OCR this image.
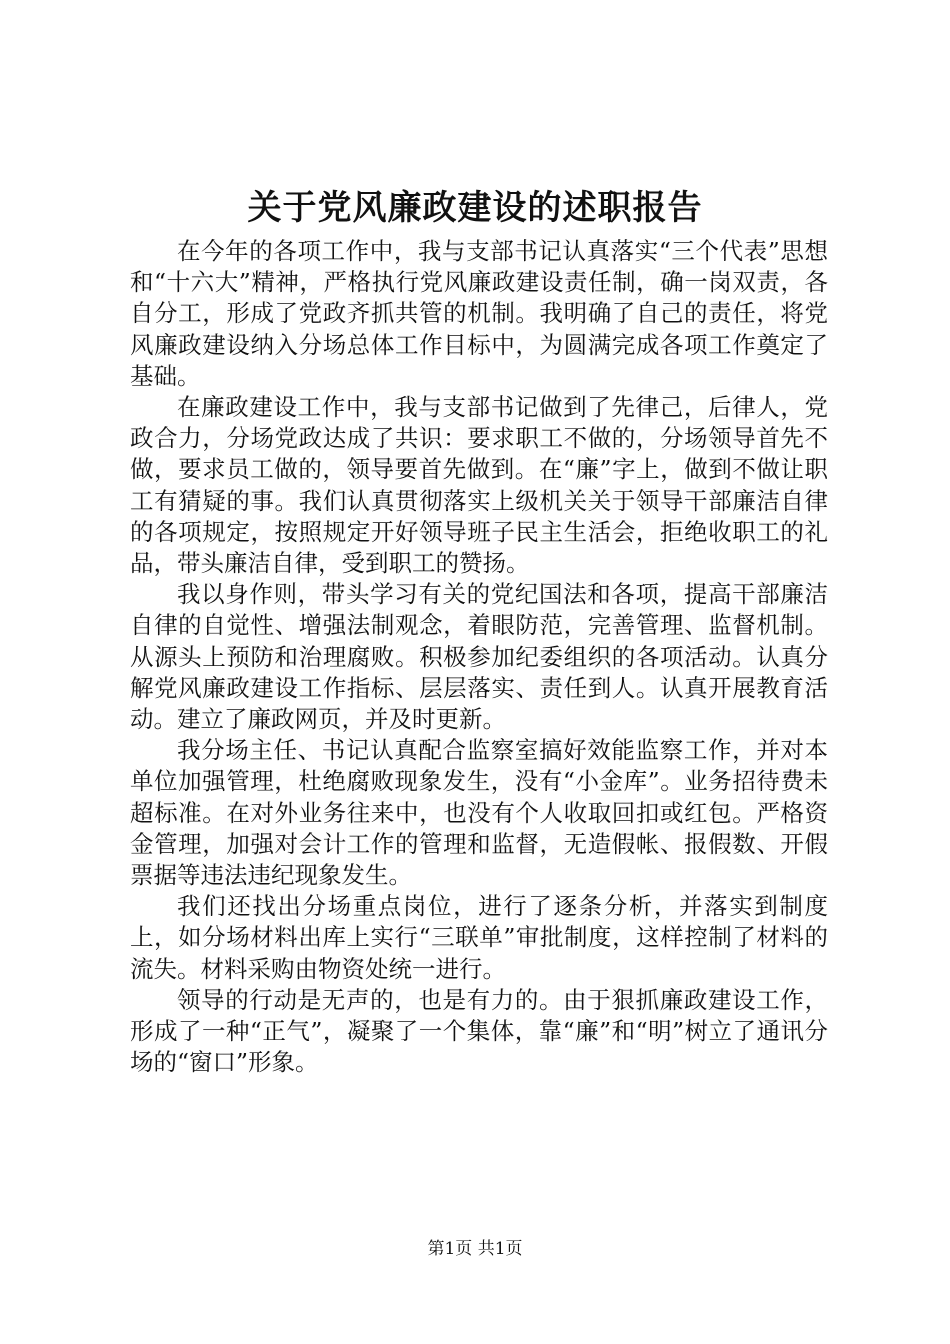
关于党风廉政建设的述职报告

在今年的各项工作中，我与支部书记认真落实“三个代表”思想和“十六大”精神，严格执行党风廉政建设责任制，确一岗双责，各自分工，形成了党政齐抓共管的机制。我明确了自己的责任，将党风廉政建设纳入分场总体工作目标中，为圆满完成各项工作奠定了基础。

在廉政建设工作中，我与支部书记做到了先律己，后律人，党政合力，分场党政达成了共识：要求职工不做的，分场领导首先不做，要求员工做的，领导要首先做到。在“廉”字上，做到不做让职工有猜疑的事。我们认真贯彻落实上级机关关于领导干部廉洁自律的各项规定，按照规定开好领导班子民主生活会，拒绝收职工的礼品，带头廉洁自律，受到职工的赞扬。

我以身作则，带头学习有关的党纪国法和各项，提高干部廉洁自律的自觉性、增强法制观念，着眼防范，完善管理、监督机制。从源头上预防和治理腐败。积极参加纪委组织的各项活动。认真分解党风廉政建设工作指标、层层落实、责任到人。认真开展教育活动。建立了廉政网页，并及时更新。

我分场主任、书记认真配合监察室搞好效能监察工作，并对本单位加强管理，杜绝腐败现象发生，没有“小金库”。业务招待费未超标准。在对外业务往来中，也没有个人收取回扣或红包。严格资金管理，加强对会计工作的管理和监督，无造假帐、报假数、开假票据等违法违纪现象发生。

我们还找出分场重点岗位，进行了逐条分析，并落实到制度上，如分场材料出库上实行“三联单”审批制度，这样控制了材料的流失。材料采购由物资处统一进行。

领导的行动是无声的，也是有力的。由于狠抓廉政建设工作，形成了一种“正气”，凝聚了一个集体，靠“廉”和“明”树立了通讯分场的“窗口”形象。

第1页 共1页
